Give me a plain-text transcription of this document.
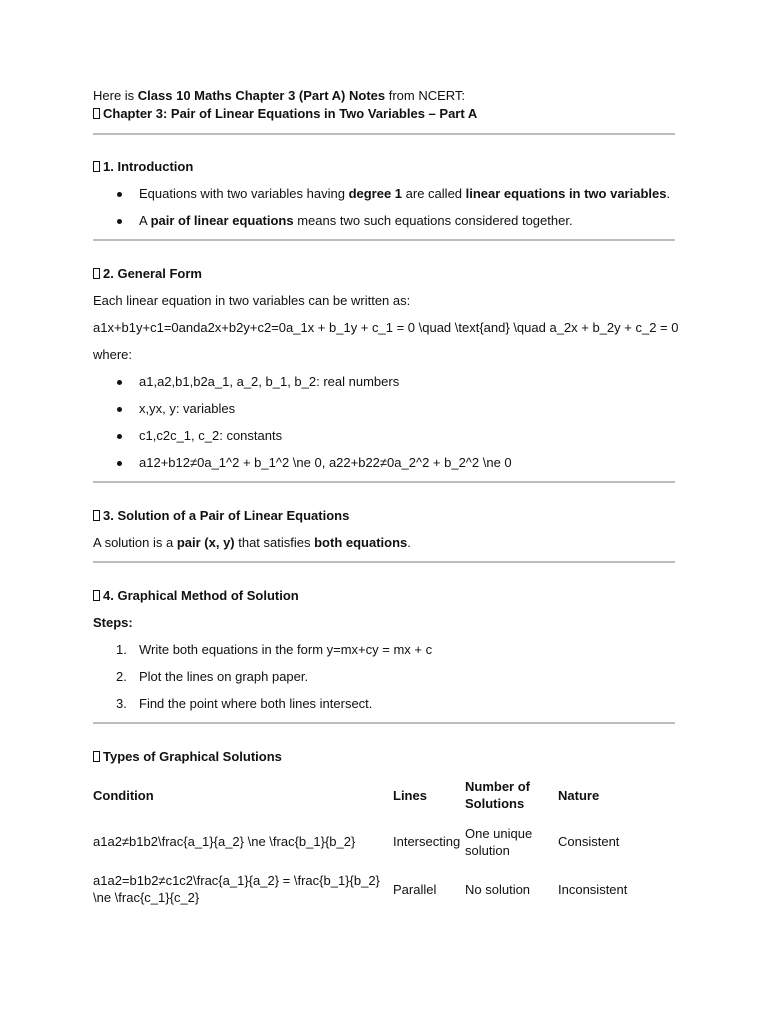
Here is Class 10 Maths Chapter 3 (Part A) Notes from NCERT:

Chapter 3: Pair of Linear Equations in Two Variables – Part A

1. Introduction

Equations with two variables having degree 1 are called linear equations in two variables.
A pair of linear equations means two such equations considered together.

2. General Form

Each linear equation in two variables can be written as:

a1x+b1y+c1=0anda2x+b2y+c2=0a_1x + b_1y + c_1 = 0 \quad \text{and} \quad a_2x + b_2y + c_2 = 0

where:

a1,a2,b1,b2a_1, a_2, b_1, b_2: real numbers
x,yx, y: variables
c1,c2c_1, c_2: constants
a12+b12≠0a_1^2 + b_1^2 \ne 0, a22+b22≠0a_2^2 + b_2^2 \ne 0

3. Solution of a Pair of Linear Equations

A solution is a pair (x, y) that satisfies both equations.

4. Graphical Method of Solution

Steps:

1. Write both equations in the form y=mx+cy = mx + c
2. Plot the lines on graph paper.
3. Find the point where both lines intersect.

Types of Graphical Solutions

Condition	Lines	Number of Solutions	Nature
a1a2≠b1b2\frac{a_1}{a_2} \ne \frac{b_1}{b_2}	Intersecting	One unique solution	Consistent
a1a2=b1b2≠c1c2\frac{a_1}{a_2} = \frac{b_1}{b_2} \ne \frac{c_1}{c_2}	Parallel	No solution	Inconsistent
